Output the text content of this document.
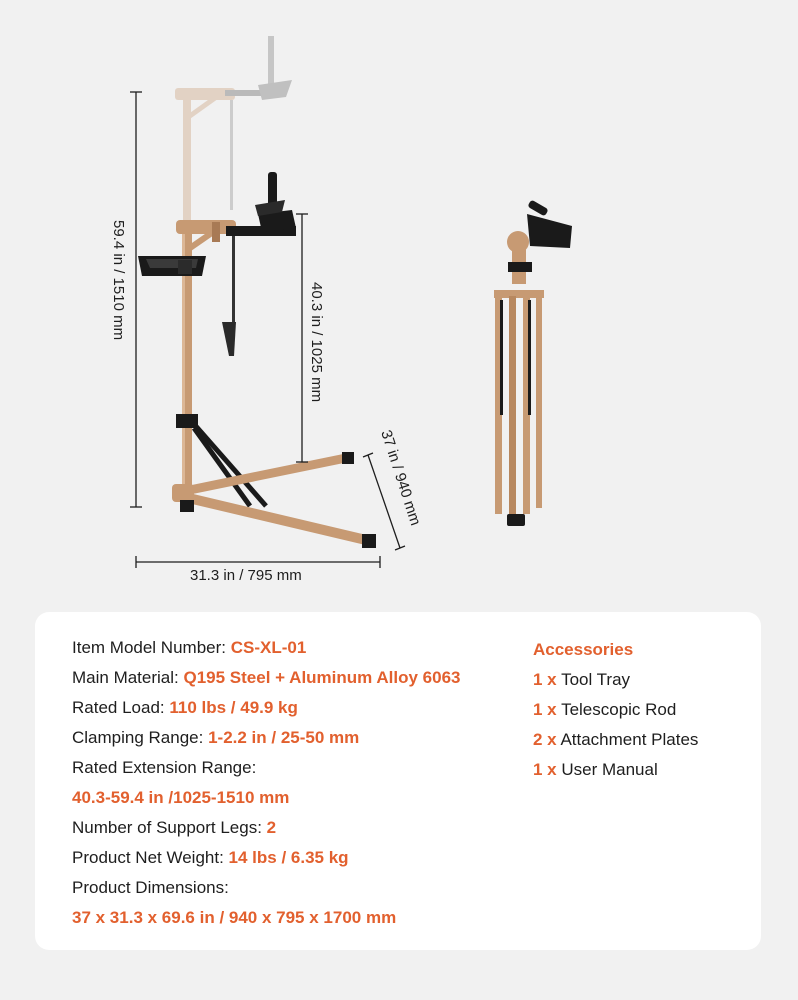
59.4 in / 1510 mm
40.3 in / 1025 mm
37 in / 940 mm
31.3 in / 795 mm
Item Model Number: CS-XL-01
Main Material: Q195 Steel + Aluminum Alloy 6063
Rated Load: 110 lbs / 49.9 kg
Clamping Range: 1-2.2 in / 25-50 mm
Rated Extension Range:
40.3-59.4 in /1025-1510 mm
Number of Support Legs: 2
Product Net Weight: 14 lbs / 6.35 kg
Product Dimensions:
37 x 31.3 x 69.6 in / 940 x 795 x 1700 mm
Accessories
1 x Tool Tray
1 x Telescopic Rod
2 x Attachment Plates
1 x User Manual
